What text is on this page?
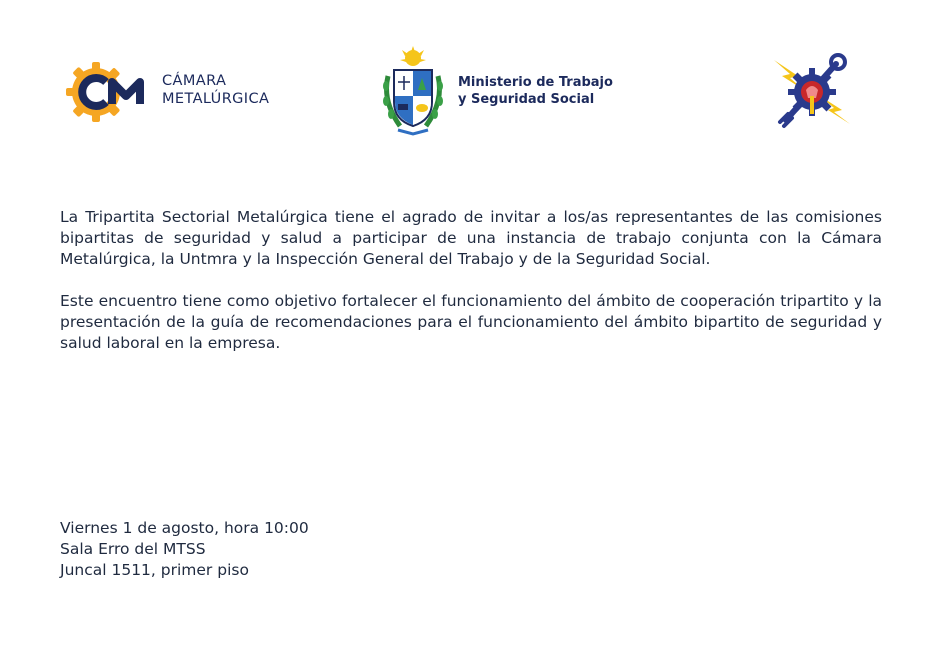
CÁMARA
METALÚRGICA
Ministerio de Trabajo
y Seguridad Social

La Tripartita Sectorial Metalúrgica tiene el agrado de invitar a los/as representantes de las comisiones bipartitas de seguridad y salud a participar de una instancia de trabajo conjunta con la Cámara Metalúrgica, la Untmra y la Inspección General del Trabajo y de la Seguridad Social.

Este encuentro tiene como objetivo fortalecer el funcionamiento del ámbito de cooperación tripartito y la presentación de la guía de recomendaciones para el funcionamiento del ámbito bipartito de seguridad y salud laboral en la empresa.

Viernes 1 de agosto, hora 10:00
Sala Erro del MTSS
Juncal 1511, primer piso
